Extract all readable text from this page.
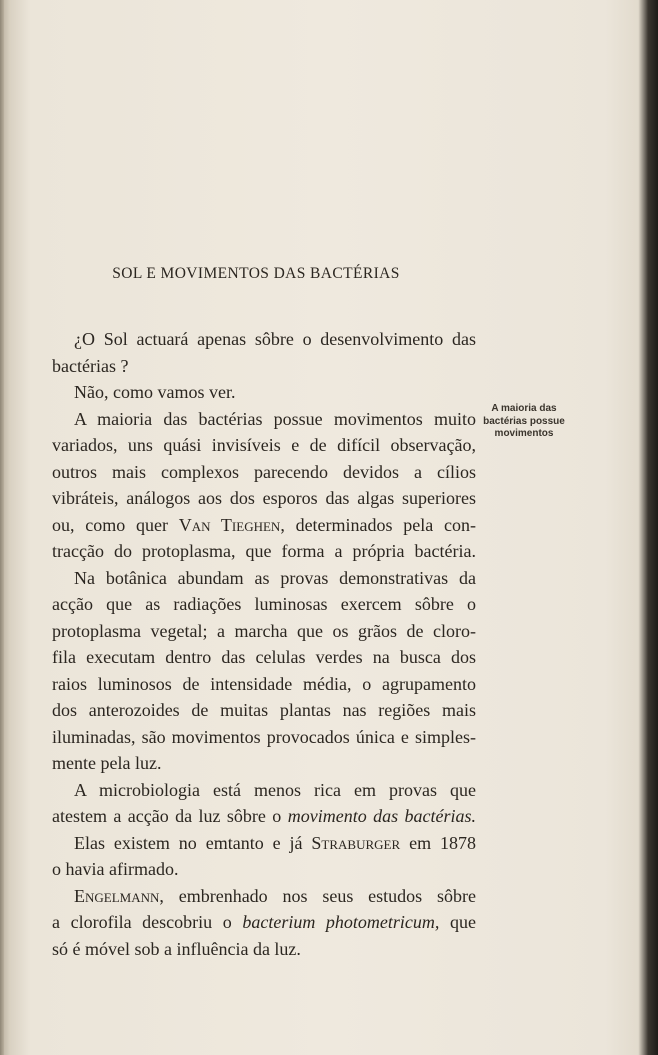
SOL E MOVIMENTOS DAS BACTÉRIAS
A maioria das bactérias possue movimentos

¿O Sol actuará apenas sôbre o desenvolvimento das
bactérias ?

Não, como vamos ver.

A maioria das bactérias possue movimentos muito
variados, uns quási invisíveis e de difícil observação,
outros mais complexos parecendo devidos a cílios
vibráteis, análogos aos dos esporos das algas superiores
ou, como quer Van Tieghen, determinados pela con-
tracção do protoplasma, que forma a própria bactéria.

Na botânica abundam as provas demonstrativas da
acção que as radiações luminosas exercem sôbre o
protoplasma vegetal; a marcha que os grãos de cloro-
fila executam dentro das celulas verdes na busca dos
raios luminosos de intensidade média, o agrupamento
dos anterozoides de muitas plantas nas regiões mais
iluminadas, são movimentos provocados única e simples-
mente pela luz.

A microbiologia está menos rica em provas que
atestem a acção da luz sôbre o movimento das bactérias.

Elas existem no emtanto e já Straburger em 1878
o havia afirmado.

Engelmann, embrenhado nos seus estudos sôbre
a clorofila descobriu o bacterium photometricum, que
só é móvel sob a influência da luz.
